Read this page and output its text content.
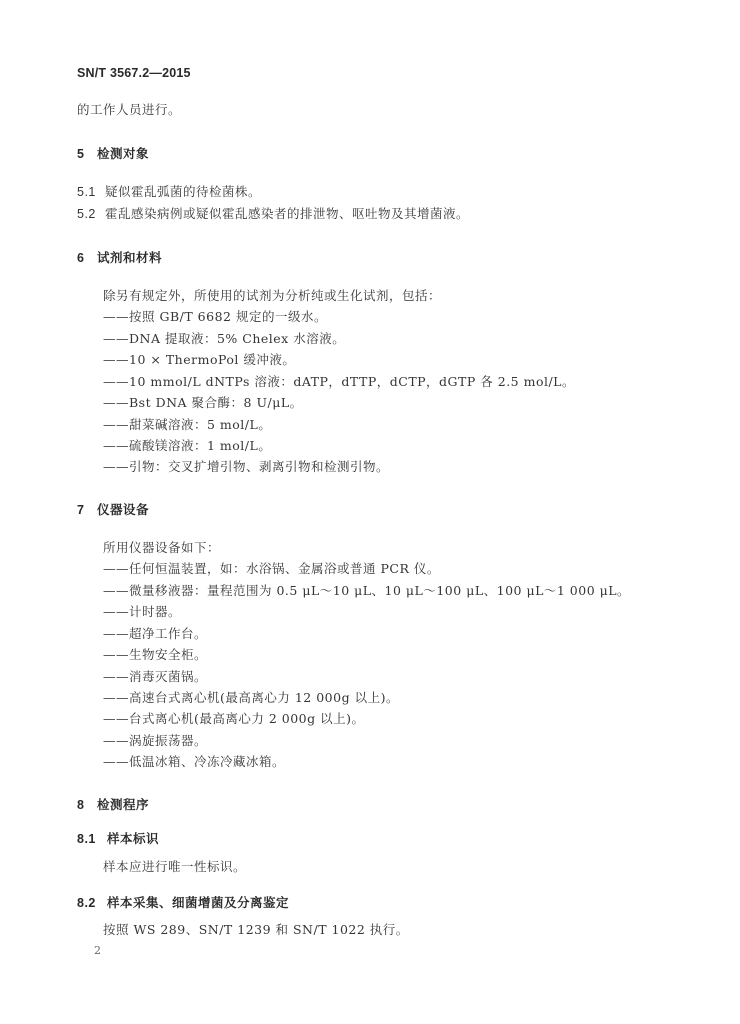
SN/T 3567.2—2015
的工作人员进行。
5 检测对象
5.1 疑似霍乱弧菌的待检菌株。
5.2 霍乱感染病例或疑似霍乱感染者的排泄物、呕吐物及其增菌液。
6 试剂和材料
除另有规定外，所使用的试剂为分析纯或生化试剂，包括：
——按照 GB/T 6682 规定的一级水。
——DNA 提取液：5% Chelex 水溶液。
——10 × ThermoPol 缓冲液。
——10 mmol/L dNTPs 溶液：dATP，dTTP，dCTP，dGTP 各 2.5 mol/L。
——Bst DNA 聚合酶：8 U/μL。
——甜菜碱溶液：5 mol/L。
——硫酸镁溶液：1 mol/L。
——引物：交叉扩增引物、剥离引物和检测引物。
7 仪器设备
所用仪器设备如下：
——任何恒温装置，如：水浴锅、金属浴或普通 PCR 仪。
——微量移液器：量程范围为 0.5 μL～10 μL、10 μL～100 μL、100 μL～1 000 μL。
——计时器。
——超净工作台。
——生物安全柜。
——消毒灭菌锅。
——高速台式离心机(最高离心力 12 000g 以上)。
——台式离心机(最高离心力 2 000g 以上)。
——涡旋振荡器。
——低温冰箱、冷冻冷藏冰箱。
8 检测程序
8.1 样本标识
样本应进行唯一性标识。
8.2 样本采集、细菌增菌及分离鉴定
按照 WS 289、SN/T 1239 和 SN/T 1022 执行。
2
